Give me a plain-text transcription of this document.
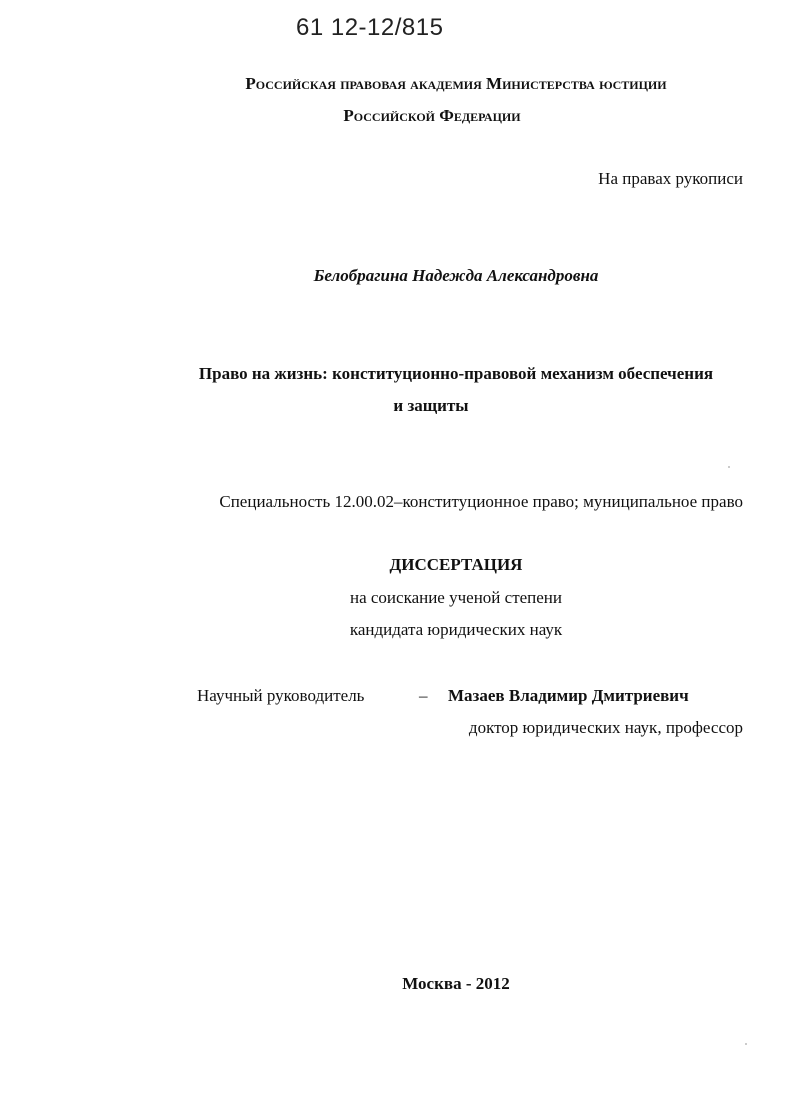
61 12-12/815
Российская правовая академия Министерства юстиции
Российской Федерации
На правах рукописи
Белобрагина Надежда Александровна
Право на жизнь: конституционно-правовой механизм обеспечения
и защиты
Специальность 12.00.02–конституционное право; муниципальное право
ДИССЕРТАЦИЯ
на соискание ученой степени
кандидата юридических наук
Научный руководитель	– Мазаев Владимир Дмитриевич
доктор юридических наук, профессор
Москва - 2012
